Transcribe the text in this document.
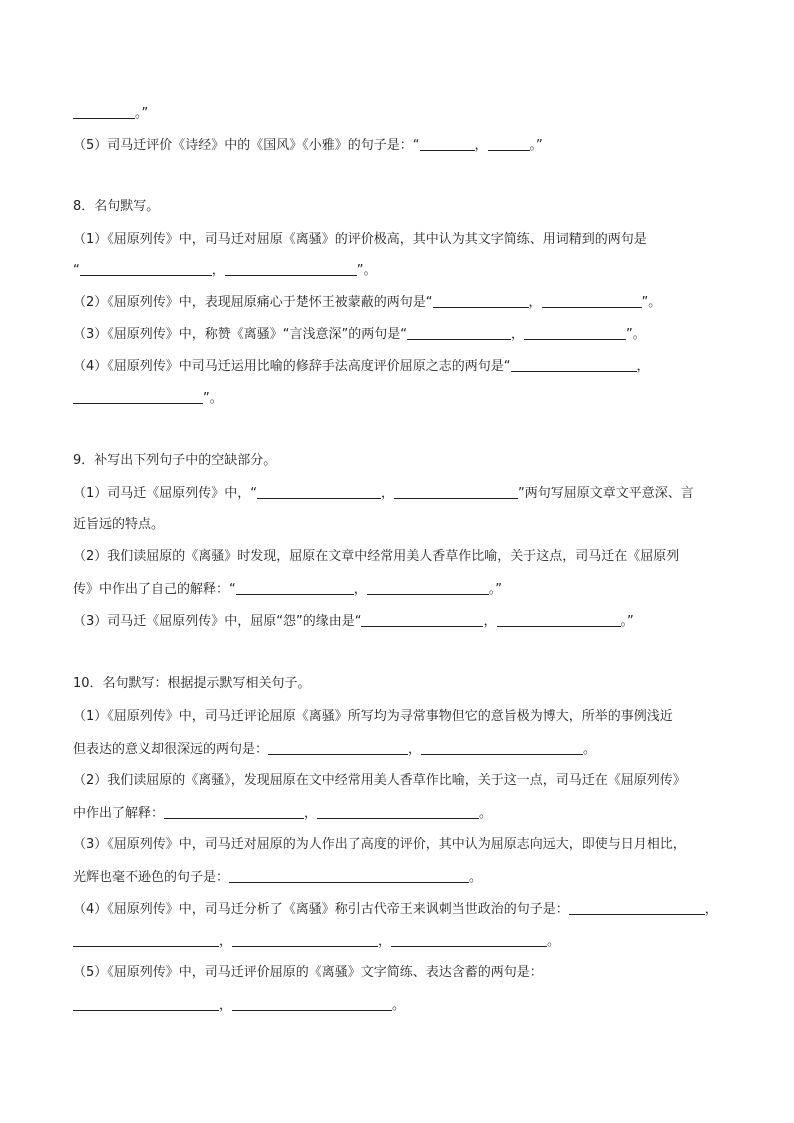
。”
（5）司马迁评价《诗经》中的《国风》《小雅》的句子是：“	，	。”
8．名句默写。
（1）《屈原列传》中，司马迁对屈原《离骚》的评价极高，其中认为其文字简练、用词精到的两句是
“	，	”。
（2）《屈原列传》中，表现屈原痛心于楚怀王被蒙蔽的两句是“	，	”。
（3）《屈原列传》中，称赞《离骚》“言浅意深”的两句是“	，	”。
（4）《屈原列传》中司马迁运用比喻的修辞手法高度评价屈原之志的两句是“	，
”。
9．补写出下列句子中的空缺部分。
（1）司马迁《屈原列传》中，“	，	”两句写屈原文章文平意深、言
近旨远的特点。
（2）我们读屈原的《离骚》时发现，屈原在文章中经常用美人香草作比喻，关于这点，司马迁在《屈原列
传》中作出了自己的解释：“	，	。”
（3）司马迁《屈原列传》中，屈原“怨”的缘由是“	，	。”
10．名句默写：根据提示默写相关句子。
（1）《屈原列传》中，司马迁评论屈原《离骚》所写均为寻常事物但它的意旨极为博大，所举的事例浅近
但表达的意义却很深远的两句是：	，	。
（2）我们读屈原的《离骚》，发现屈原在文中经常用美人香草作比喻，关于这一点，司马迁在《屈原列传》
中作出了解释：	，	。
（3）《屈原列传》中，司马迁对屈原的为人作出了高度的评价，其中认为屈原志向远大，即使与日月相比，
光辉也毫不逊色的句子是：	。
（4）《屈原列传》中，司马迁分析了《离骚》称引古代帝王来讽刺当世政治的句子是：	，
，	，	。
（5）《屈原列传》中，司马迁评价屈原的《离骚》文字简练、表达含蓄的两句是：
，	。
